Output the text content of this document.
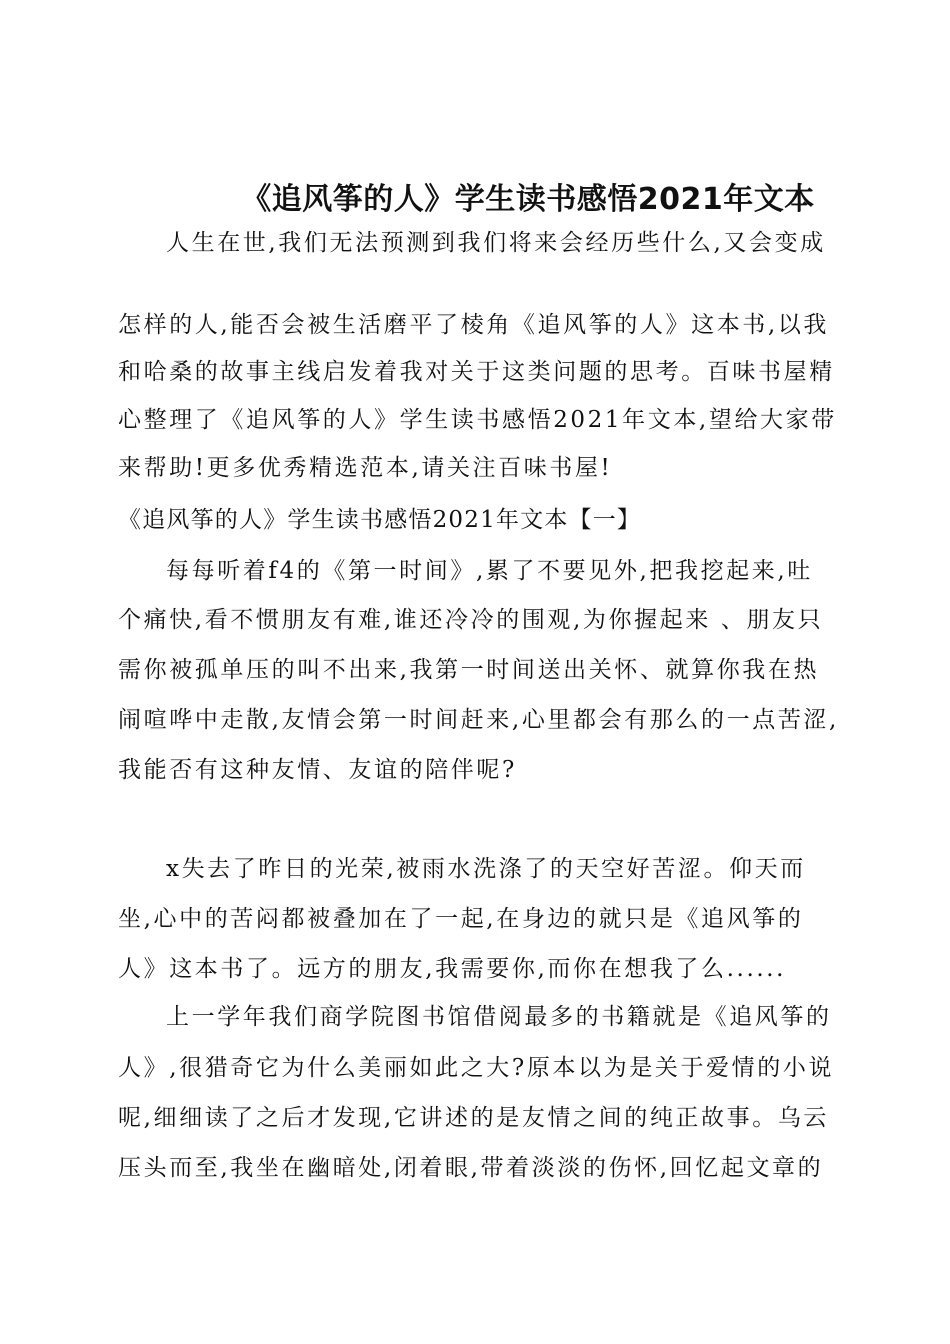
《追风筝的人》学生读书感悟2021年文本
人生在世,我们无法预测到我们将来会经历些什么,又会变成
怎样的人,能否会被生活磨平了棱角《追风筝的人》这本书,以我
和哈桑的故事主线启发着我对关于这类问题的思考。百味书屋精
心整理了《追风筝的人》学生读书感悟2021年文本,望给大家带
来帮助!更多优秀精选范本,请关注百味书屋!
《追风筝的人》学生读书感悟2021年文本【一】
每每听着f4的《第一时间》,累了不要见外,把我挖起来,吐
个痛快,看不惯朋友有难,谁还冷冷的围观,为你握起来 、朋友只
需你被孤单压的叫不出来,我第一时间送出关怀、就算你我在热
闹喧哗中走散,友情会第一时间赶来,心里都会有那么的一点苦涩,
我能否有这种友情、友谊的陪伴呢?
x失去了昨日的光荣,被雨水洗涤了的天空好苦涩。仰天而
坐,心中的苦闷都被叠加在了一起,在身边的就只是《追风筝的
人》这本书了。远方的朋友,我需要你,而你在想我了么......
上一学年我们商学院图书馆借阅最多的书籍就是《追风筝的
人》,很猎奇它为什么美丽如此之大?原本以为是关于爱情的小说
呢,细细读了之后才发现,它讲述的是友情之间的纯正故事。乌云
压头而至,我坐在幽暗处,闭着眼,带着淡淡的伤怀,回忆起文章的
